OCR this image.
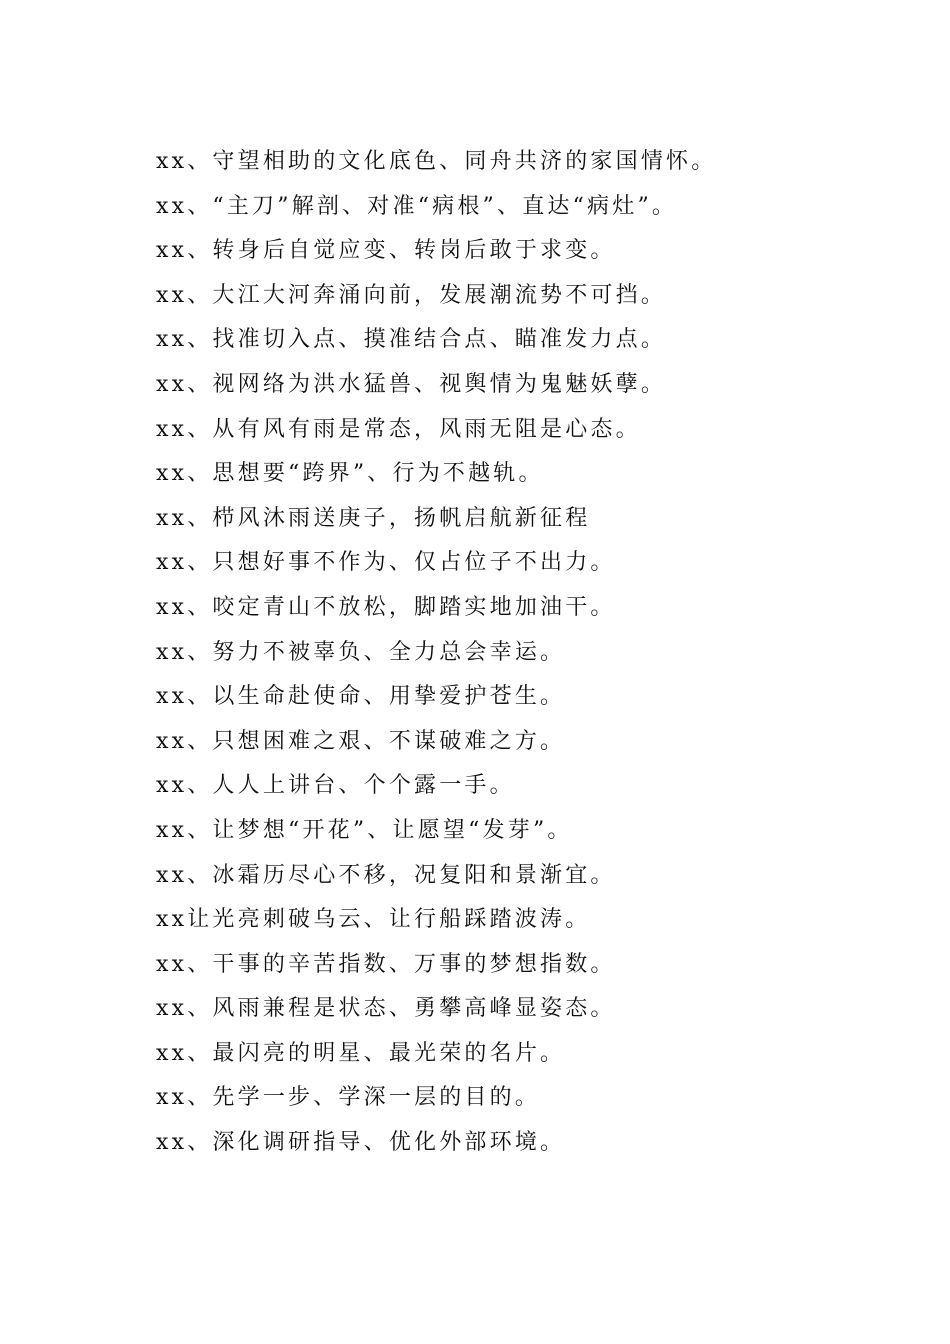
xx、守望相助的文化底色、同舟共济的家国情怀。
xx、“主刀”解剖、对准“病根”、直达“病灶”。
xx、转身后自觉应变、转岗后敢于求变。
xx、大江大河奔涌向前，发展潮流势不可挡。
xx、找准切入点、摸准结合点、瞄准发力点。
xx、视网络为洪水猛兽、视舆情为鬼魅妖孽。
xx、从有风有雨是常态，风雨无阻是心态。
xx、思想要“跨界”、行为不越轨。
xx、栉风沐雨送庚子，扬帆启航新征程
xx、只想好事不作为、仅占位子不出力。
xx、咬定青山不放松，脚踏实地加油干。
xx、努力不被辜负、全力总会幸运。
xx、以生命赴使命、用挚爱护苍生。
xx、只想困难之艰、不谋破难之方。
xx、人人上讲台、个个露一手。
xx、让梦想“开花”、让愿望“发芽”。
xx、冰霜历尽心不移，况复阳和景渐宜。
xx让光亮刺破乌云、让行船踩踏波涛。
xx、干事的辛苦指数、万事的梦想指数。
xx、风雨兼程是状态、勇攀高峰显姿态。
xx、最闪亮的明星、最光荣的名片。
xx、先学一步、学深一层的目的。
xx、深化调研指导、优化外部环境。
